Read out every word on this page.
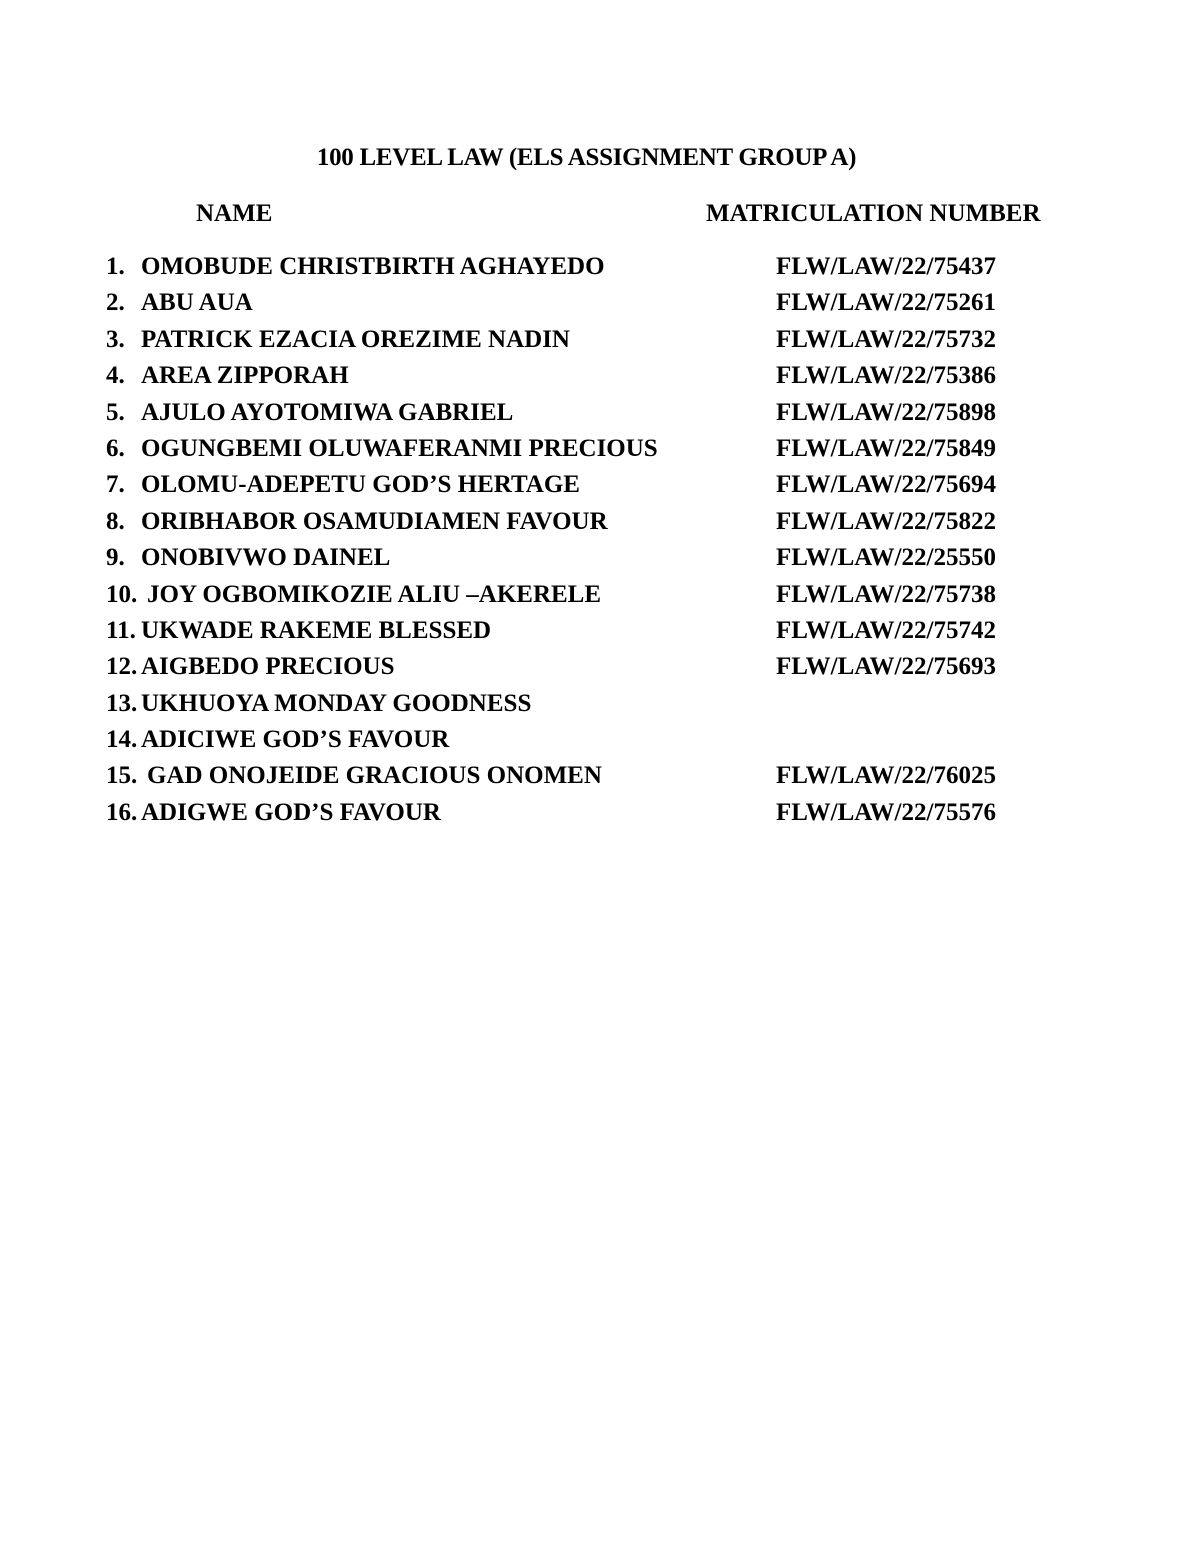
100 LEVEL LAW (ELS ASSIGNMENT GROUP A)
NAME	MATRICULATION NUMBER
1. OMOBUDE CHRISTBIRTH AGHAYEDO	FLW/LAW/22/75437
2. ABU AUA	FLW/LAW/22/75261
3. PATRICK EZACIA OREZIME NADIN	FLW/LAW/22/75732
4. AREA ZIPPORAH	FLW/LAW/22/75386
5. AJULO AYOTOMIWA GABRIEL	FLW/LAW/22/75898
6. OGUNGBEMI OLUWAFERANMI PRECIOUS	FLW/LAW/22/75849
7. OLOMU-ADEPETU GOD’S HERTAGE	FLW/LAW/22/75694
8. ORIBHABOR OSAMUDIAMEN FAVOUR	FLW/LAW/22/75822
9. ONOBIVWO DAINEL	FLW/LAW/22/25550
10. JOY OGBOMIKOZIE ALIU –AKERELE	FLW/LAW/22/75738
11. UKWADE RAKEME BLESSED	FLW/LAW/22/75742
12. AIGBEDO PRECIOUS	FLW/LAW/22/75693
13. UKHUOYA MONDAY GOODNESS
14. ADICIWE GOD’S FAVOUR
15. GAD ONOJEIDE GRACIOUS ONOMEN	FLW/LAW/22/76025
16. ADIGWE GOD’S FAVOUR	FLW/LAW/22/75576
